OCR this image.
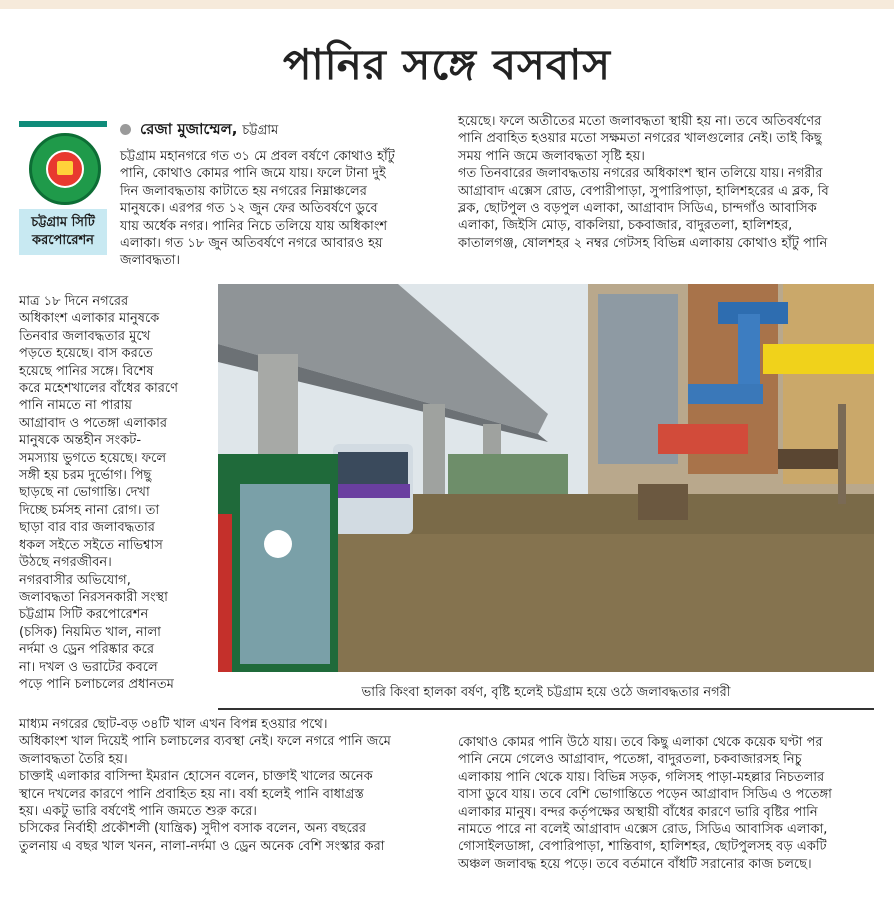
পানির সঙ্গে বসবাস
চট্টগ্রাম সিটি
করপোরেশন
রেজা মুজাম্মেল, চট্টগ্রাম
চট্টগ্রাম মহানগরে গত ৩১ মে প্রবল বর্ষণে কোথাও হাঁটু
পানি, কোথাও কোমর পানি জমে যায়। ফলে টানা দুই
দিন জলাবদ্ধতায় কাটাতে হয় নগরের নিম্নাঞ্চলের
মানুষকে। এরপর গত ১২ জুন ফের অতিবর্ষণে ডুবে
যায় অর্ধেক নগর। পানির নিচে তলিয়ে যায় অধিকাংশ
এলাকা। গত ১৮ জুন অতিবর্ষণে নগরে আবারও হয়
জলাবদ্ধতা।
হয়েছে। ফলে অতীতের মতো জলাবদ্ধতা স্থায়ী হয় না। তবে অতিবর্ষণের
পানি প্রবাহিত হওয়ার মতো সক্ষমতা নগরের খালগুলোর নেই। তাই কিছু
সময় পানি জমে জলাবদ্ধতা সৃষ্টি হয়।
গত তিনবারের জলাবদ্ধতায় নগরের অধিকাংশ স্থান তলিয়ে যায়। নগরীর
আগ্রাবাদ এক্সেস রোড, বেপারীপাড়া, সুপারিপাড়া, হালিশহরের এ ব্লক, বি
ব্লক, ছোটপুল ও বড়পুল এলাকা, আগ্রাবাদ সিডিএ, চান্দগাঁও আবাসিক
এলাকা, জিইসি মোড়, বাকলিয়া, চকবাজার, বাদুরতলা, হালিশহর,
কাতালগঞ্জ, ষোলশহর ২ নম্বর গেটসহ বিভিন্ন এলাকায় কোথাও হাঁটু পানি
মাত্র ১৮ দিনে নগরের
অধিকাংশ এলাকার মানুষকে
তিনবার জলাবদ্ধতার মুখে
পড়তে হয়েছে। বাস করতে
হয়েছে পানির সঙ্গে। বিশেষ
করে মহেশখালের বাঁধের কারণে
পানি নামতে না পারায়
আগ্রাবাদ ও পতেঙ্গা এলাকার
মানুষকে অন্তহীন সংকট-
সমস্যায় ভুগতে হয়েছে। ফলে
সঙ্গী হয় চরম দুর্ভোগ। পিছু
ছাড়ছে না ভোগান্তি। দেখা
দিচ্ছে চর্মসহ নানা রোগ। তা
ছাড়া বার বার জলাবদ্ধতার
ধকল সইতে সইতে নাভিশ্বাস
উঠছে নগরজীবন।
নগরবাসীর অভিযোগ,
জলাবদ্ধতা নিরসনকারী সংস্থা
চট্টগ্রাম সিটি করপোরেশন
(চসিক) নিয়মিত খাল, নালা
নর্দমা ও ড্রেন পরিষ্কার করে
না। দখল ও ভরাটের কবলে
পড়ে পানি চলাচলের প্রধানতম
ভারি কিংবা হালকা বর্ষণ, বৃষ্টি হলেই চট্টগ্রাম হয়ে ওঠে জলাবদ্ধতার নগরী
মাধ্যম নগরের ছোট-বড় ৩৪টি খাল এখন বিপন্ন হওয়ার পথে।
অধিকাংশ খাল দিয়েই পানি চলাচলের ব্যবস্থা নেই। ফলে নগরে পানি জমে
জলাবদ্ধতা তৈরি হয়।
চাক্তাই এলাকার বাসিন্দা ইমরান হোসেন বলেন, চাক্তাই খালের অনেক
স্থানে দখলের কারণে পানি প্রবাহিত হয় না। বর্ষা হলেই পানি বাধাগ্রস্ত
হয়। একটু ভারি বর্ষণেই পানি জমতে শুরু করে।
চসিকের নির্বাহী প্রকৌশলী (যান্ত্রিক) সুদীপ বসাক বলেন, অন্য বছরের
তুলনায় এ বছর খাল খনন, নালা-নর্দমা ও ড্রেন অনেক বেশি সংস্কার করা
কোথাও কোমর পানি উঠে যায়। তবে কিছু এলাকা থেকে কয়েক ঘণ্টা পর
পানি নেমে গেলেও আগ্রাবাদ, পতেঙ্গা, বাদুরতলা, চকবাজারসহ নিচু
এলাকায় পানি থেকে যায়। বিভিন্ন সড়ক, গলিসহ পাড়া-মহল্লার নিচতলার
বাসা ডুবে যায়। তবে বেশি ভোগান্তিতে পড়েন আগ্রাবাদ সিডিএ ও পতেঙ্গা
এলাকার মানুষ। বন্দর কর্তৃপক্ষের অস্থায়ী বাঁধের কারণে ভারি বৃষ্টির পানি
নামতে পারে না বলেই আগ্রাবাদ এক্সেস রোড, সিডিএ আবাসিক এলাকা,
গোসাইলডাঙ্গা, বেপারিপাড়া, শান্তিবাগ, হালিশহর, ছোটপুলসহ বড় একটি
অঞ্চল জলাবদ্ধ হয়ে পড়ে। তবে বর্তমানে বাঁধটি সরানোর কাজ চলছে।
